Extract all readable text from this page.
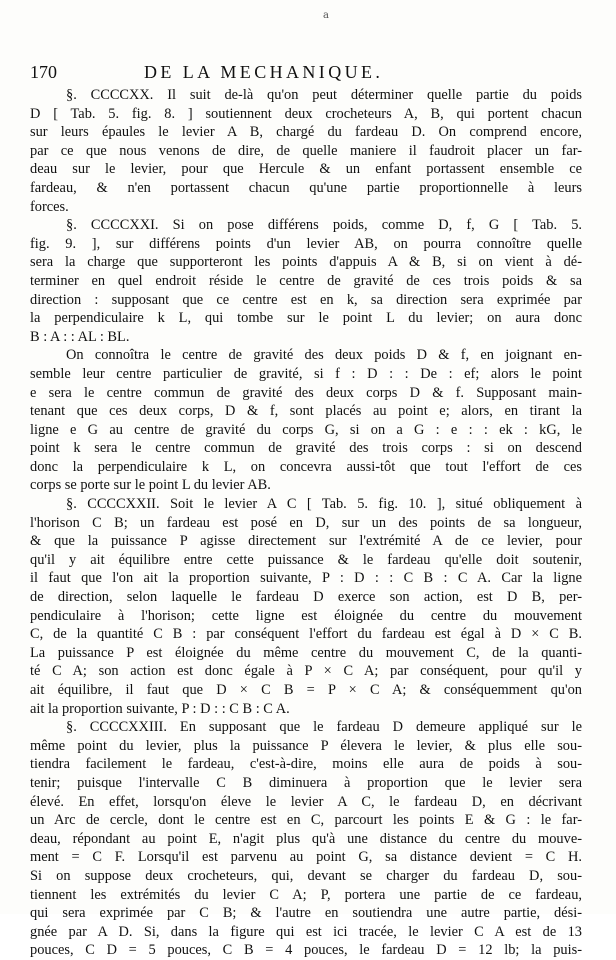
a
170	DE LA MECHANIQUE.
§. CCCCXX. Il suit de-là qu'on peut déterminer quelle partie du poids
D [ Tab. 5. fig. 8. ] soutiennent deux crocheteurs A, B, qui portent chacun
sur leurs épaules le levier A B, chargé du fardeau D. On comprend encore,
par ce que nous venons de dire, de quelle maniere il faudroit placer un far-
deau sur le levier, pour que Hercule & un enfant portassent ensemble ce
fardeau, & n'en portassent chacun qu'une partie proportionnelle à leurs
forces.
§. CCCCXXI. Si on pose différens poids, comme D, f, G [ Tab. 5.
fig. 9. ], sur différens points d'un levier AB, on pourra connoître quelle
sera la charge que supporteront les points d'appuis A & B, si on vient à dé-
terminer en quel endroit réside le centre de gravité de ces trois poids & sa
direction : supposant que ce centre est en k, sa direction sera exprimée par
la perpendiculaire k L, qui tombe sur le point L du levier; on aura donc
B : A : : AL : BL.
On connoîtra le centre de gravité des deux poids D & f, en joignant en-
semble leur centre particulier de gravité, si f : D : : De : ef; alors le point
e sera le centre commun de gravité des deux corps D & f. Supposant main-
tenant que ces deux corps, D & f, sont placés au point e; alors, en tirant la
ligne e G au centre de gravité du corps G, si on a G : e : : ek : kG, le
point k sera le centre commun de gravité des trois corps : si on descend
donc la perpendiculaire k L, on concevra aussi-tôt que tout l'effort de ces
corps se porte sur le point L du levier AB.
§. CCCCXXII. Soit le levier A C [ Tab. 5. fig. 10. ], situé obliquement à
l'horison C B; un fardeau est posé en D, sur un des points de sa longueur,
& que la puissance P agisse directement sur l'extrémité A de ce levier, pour
qu'il y ait équilibre entre cette puissance & le fardeau qu'elle doit soutenir,
il faut que l'on ait la proportion suivante, P : D : : C B : C A. Car la ligne
de direction, selon laquelle le fardeau D exerce son action, est D B, per-
pendiculaire à l'horison; cette ligne est éloignée du centre du mouvement
C, de la quantité C B : par conséquent l'effort du fardeau est égal à D × C B.
La puissance P est éloignée du même centre du mouvement C, de la quanti-
té C A; son action est donc égale à P × C A; par conséquent, pour qu'il y
ait équilibre, il faut que D × C B = P × C A; & conséquemment qu'on
ait la proportion suivante, P : D : : C B : C A.
§. CCCCXXIII. En supposant que le fardeau D demeure appliqué sur le
même point du levier, plus la puissance P élevera le levier, & plus elle sou-
tiendra facilement le fardeau, c'est-à-dire, moins elle aura de poids à sou-
tenir; puisque l'intervalle C B diminuera à proportion que le levier sera
élevé. En effet, lorsqu'on éleve le levier A C, le fardeau D, en décrivant
un Arc de cercle, dont le centre est en C, parcourt les points E & G : le far-
deau, répondant au point E, n'agit plus qu'à une distance du centre du mouve-
ment = C F. Lorsqu'il est parvenu au point G, sa distance devient = C H.
Si on suppose deux crocheteurs, qui, devant se charger du fardeau D, sou-
tiennent les extrémités du levier C A; P, portera une partie de ce fardeau,
qui sera exprimée par C B; & l'autre en soutiendra une autre partie, dési-
gnée par A D. Si, dans la figure qui est ici tracée, le levier C A est de 13
pouces, C D = 5 pouces, C B = 4 pouces, le fardeau D = 12 lb; la puis-
